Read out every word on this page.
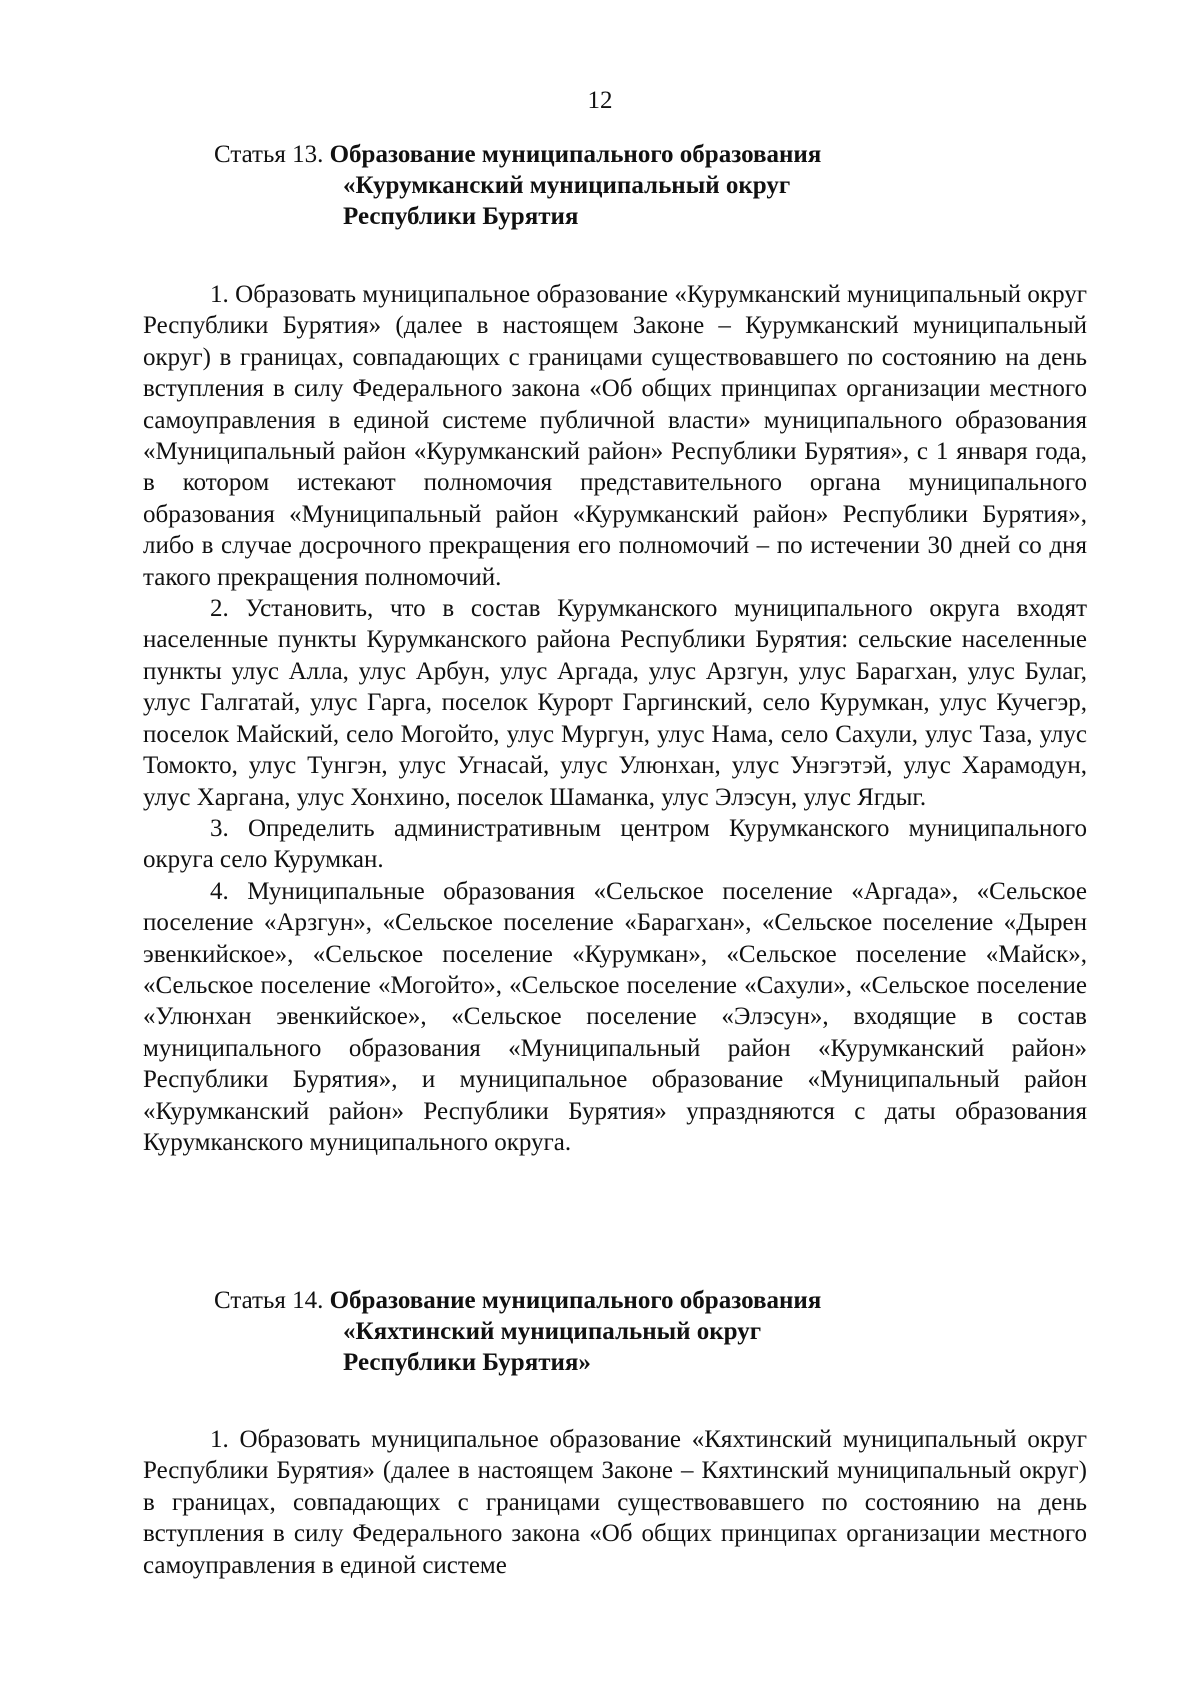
12
Статья 13. Образование муниципального образования
«Курумканский муниципальный округ
Республики Бурятия

1. Образовать муниципальное образование «Курумканский муниципальный округ Республики Бурятия» (далее в настоящем Законе – Курумканский муниципальный округ) в границах, совпадающих с границами существовавшего по состоянию на день вступления в силу Федерального закона «Об общих принципах организации местного самоуправления в единой системе публичной власти» муниципального образования «Муниципальный район «Курумканский район» Республики Бурятия», с 1 января года, в котором истекают полномочия представительного органа муниципального образования «Муниципальный район «Курумканский район» Республики Бурятия», либо в случае досрочного прекращения его полномочий – по истечении 30 дней со дня такого прекращения полномочий.

2. Установить, что в состав Курумканского муниципального округа входят населенные пункты Курумканского района Республики Бурятия: сельские населенные пункты улус Алла, улус Арбун, улус Аргада, улус Арзгун, улус Барагхан, улус Булаг, улус Галгатай, улус Гарга, поселок Курорт Гаргинский, село Курумкан, улус Кучегэр, поселок Майский, село Могойто, улус Мургун, улус Нама, село Сахули, улус Таза, улус Томокто, улус Тунгэн, улус Угнасай, улус Улюнхан, улус Унэгэтэй, улус Харамодун, улус Харгана, улус Хонхино, поселок Шаманка, улус Элэсун, улус Ягдыг.

3. Определить административным центром Курумканского муниципального округа село Курумкан.

4. Муниципальные образования «Сельское поселение «Аргада», «Сельское поселение «Арзгун», «Сельское поселение «Барагхан», «Сельское поселение «Дырен эвенкийское», «Сельское поселение «Курумкан», «Сельское поселение «Майск», «Сельское поселение «Могойто», «Сельское поселение «Сахули», «Сельское поселение «Улюнхан эвенкийское», «Сельское поселение «Элэсун», входящие в состав муниципального образования «Муниципальный район «Курумканский район» Республики Бурятия», и муниципальное образование «Муниципальный район «Курумканский район» Республики Бурятия» упраздняются с даты образования Курумканского муниципального округа.

Статья 14. Образование муниципального образования
«Кяхтинский муниципальный округ
Республики Бурятия»

1. Образовать муниципальное образование «Кяхтинский муниципальный округ Республики Бурятия» (далее в настоящем Законе – Кяхтинский муниципальный округ) в границах, совпадающих с границами существовавшего по состоянию на день вступления в силу Федерального закона «Об общих принципах организации местного самоуправления в единой системе
